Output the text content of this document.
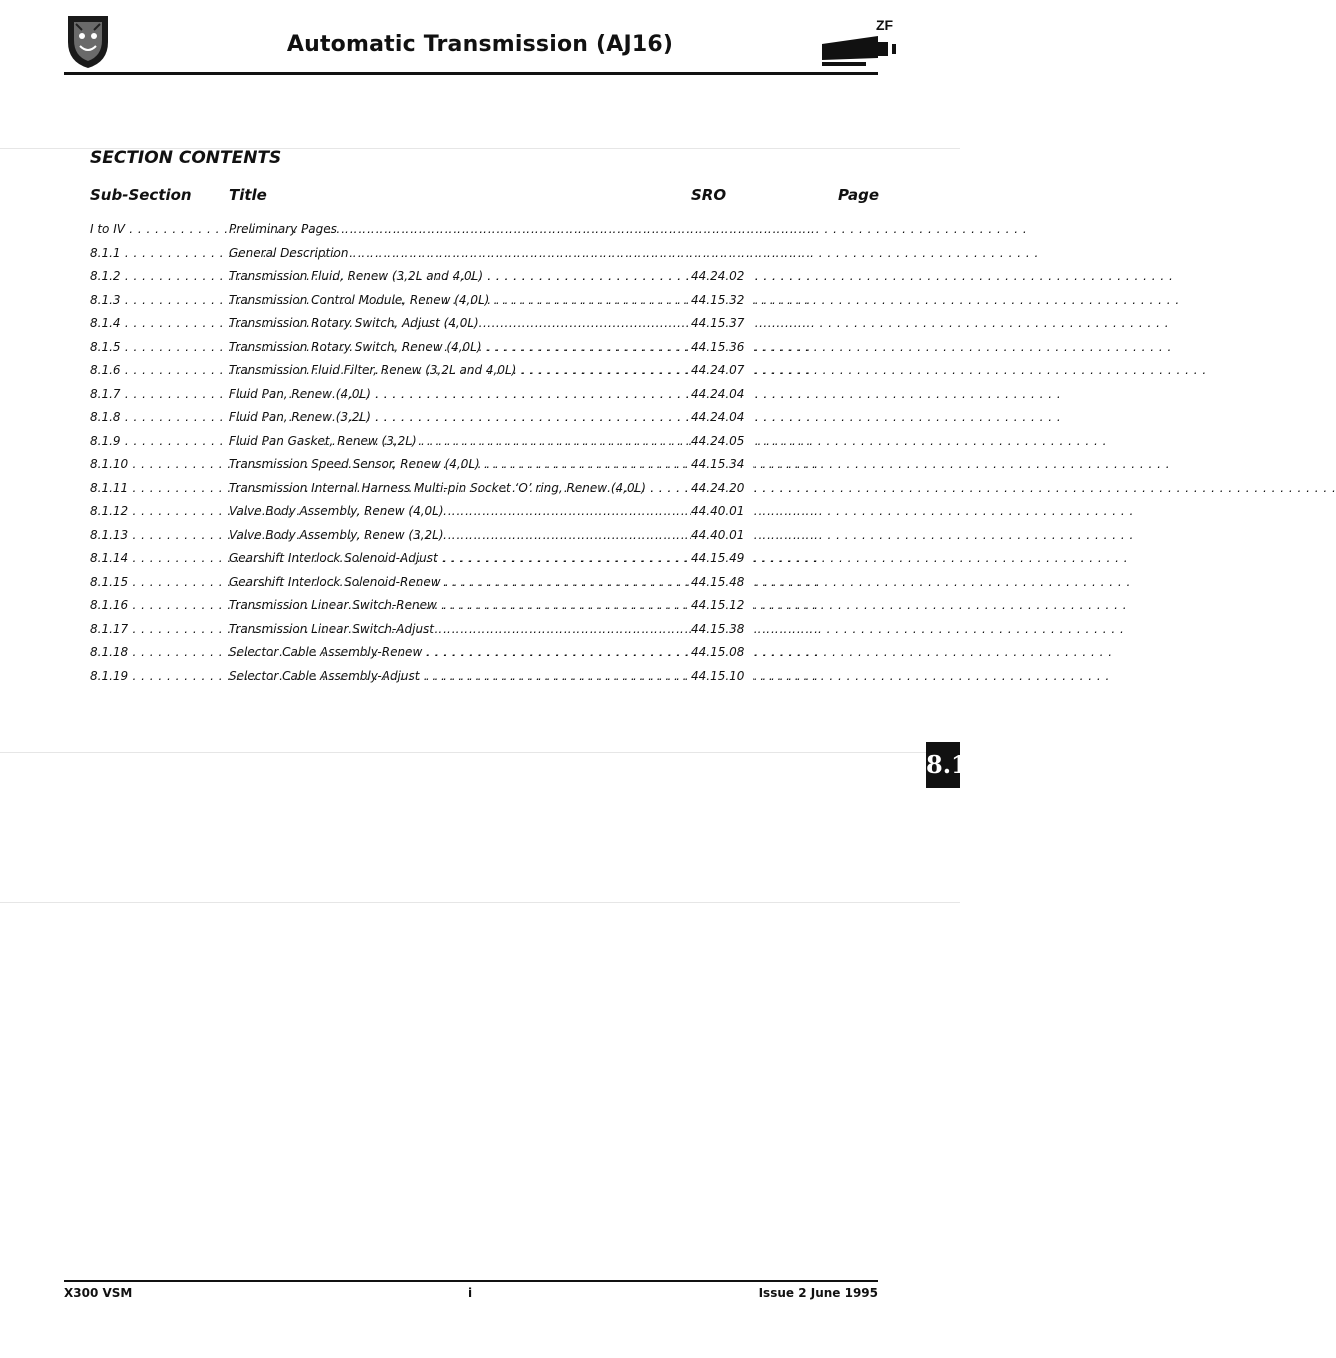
Automatic Transmission (AJ16)
ZF
SECTION CONTENTS
Sub-Section Title	SRO	Page
I to IV . . .	Preliminary Pages . . .
8.1.1 . . .	General Description . . .
8.1.2 . . .	Transmission Fluid, Renew (3,2L and 4,0L) . . .	44.24.02
8.1.3 . . .	Transmission Control Module, Renew (4,0L) . . .	44.15.32
8.1.4 . . .	Transmission Rotary Switch, Adjust (4,0L) . . .	44.15.37
8.1.5 . . .	Transmission Rotary Switch, Renew (4,0L) . . .	44.15.36
8.1.6 . . .	Transmission Fluid Filter, Renew (3,2L and 4,0L) . . .	44.24.07
8.1.7 . . .	Fluid Pan, Renew (4,0L) . . .	44.24.04
8.1.8 . . .	Fluid Pan, Renew (3,2L) . . .	44.24.04
8.1.9 . . .	Fluid Pan Gasket, Renew (3,2L) . . .	44.24.05
8.1.10 . . .	Transmission Speed Sensor, Renew (4,0L) . . .	44.15.34
8.1.11 . . .	Transmission Internal Harness Multi-pin Socket ‘O’ ring, Renew (4,0L) . . .	44.24.20
8.1.12 . . .	Valve Body Assembly, Renew (4,0L) . . .	44.40.01
8.1.13 . . .	Valve Body Assembly, Renew (3,2L) . . .	44.40.01
8.1.14 . . .	Gearshift Interlock Solenoid-Adjust . . .	44.15.49
8.1.15 . . .	Gearshift Interlock Solenoid-Renew . . .	44.15.48
8.1.16 . . .	Transmission Linear Switch-Renew . . .	44.15.12
8.1.17 . . .	Transmission Linear Switch-Adjust . . .	44.15.38
8.1.18 . . .	Selector Cable Assembly-Renew . . .	44.15.08
8.1.19 . . .	Selector Cable Assembly-Adjust . . .	44.15.10
8.1
X300 VSM	i	Issue 2 June 1995
